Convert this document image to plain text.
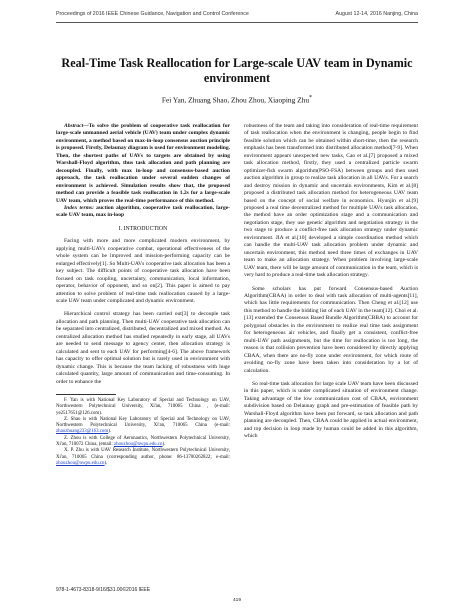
Proceedings of 2016 IEEE Chinese Guidance, Navigation and Control Conference	August 12-14, 2016 Nanjing, China
Real-Time Task Reallocation for Large-scale UAV team in Dynamic environment
Fei Yan, Zhuang Shao, Zhou Zhou, Xiaoping Zhu*

Abstract—To solve the problem of cooperative task reallocation for large-scale unmanned aerial vehicle (UAV) team under complex dynamic environment, a method based on max-in-loop consensus auction principle is proposed. Firstly, Delaunay diagram is used for environment modeling. Then, the shortest paths of UAVs to targets are obtained by using Warshall-Floyd algorithm, thus task allocation and path planning are decoupled. Finally, with max in-loop and consensus-based auction approach, the task reallocation under several sudden changes of environment is achieved. Simulation results show that, the proposed method can provide a feasible task reallocation in 1.2s for a large-scale UAV team, which proves the real-time performance of this method.

Index terms: auction algorithm, cooperative task reallocation, large-scale UAV team, max in-loop

I. INTRODUCTION

Facing with more and more complicated modern environment, by applying multi-UAVs cooperative combat, operational effectiveness of the whole system can be improved and mission-performing capacity can be enlarged effectively[1]. So Multi-UAVs cooperative task allocation has been a key subject. The difficult points of cooperative task allocation have been focused on task coupling, uncertainty, communication, local information, operator, behavior of opponent, and so on[2]. This paper is aimed to pay attention to solve problem of real-time task reallocation caused by a large-scale UAV team under complicated and dynamic environment.

Hierarchical control strategy has been carried out[3] to decouple task allocation and path planning. Then multi-UAV cooperative task allocation can be separated into centralized, distributed, decentralized and mixed method. As centralized allocation method has studied repeatedly in early stage, all UAVs are needed to send message to agency center, then allocation strategy is calculated and sent to each UAV for performing[4-6]. The above framework has capacity to offer optimal solution but is rarely used in environment with dynamic change. This is because the team lacking of robustness with huge calculated quantity, large amount of communication and time-consuming. In order to enhance the

F. Yan is with National Key Laboratory of Special and Technology on UAV, Northwestern Polytechnical University, Xi'an, 710065 China , (e-mail: ye2517651@126.com).

Z. Shao is with National Key Laboratory of Special and Technology on UAV, Northwestern Polytechnical University, Xi'an, 710065 China (e-mail: zhaozhuang233@163.com).

Z. Zhou is with College of Aeronautics, Northwestern Polytechnical University, Xi'an, 710072 China, (email: zhouzhou@nwpu.edu.cn).

X. P. Zhu is with UAV Research Institute, Northwestern Polytechnical University, Xi'an, 710065 China (corresponding author, phone: 86-13700262822; e-mail: zhouzhou@nwpu.edu.cn).

robustness of the team and taking into consideration of real-time requirement of task reallocation when the environment is changing, people begin to find feasible solution which can be obtained within short-time, then the research emphasis has been transformed into distributed allocation method[7-9]. When environment appears unexpected new tasks, Cao et al.[7] proposed a mixed task allocation method, firstly, they used a centralized particle swarm optimizer-fish swarm algorithm(PSO-FSA) between groups and then used auction algorithm in group to realize task allocation in all UAVs. For a search and destroy mission in dynamic and uncertain environments, Kim et al.[8] proposed a distributed task allocation method for heterogeneous UAV team based on the concept of social welfare in economics. Hyunjin et al.[9] proposed a real time decentralized method for multiple UAVs task allocation, the method have an order optimization stage and a communication and negotiation stage, they use genetic algorithm and negotiation strategy in the two stage to produce a conflict-free task allocation strategy under dynamic environment. JIA et al.[10] developed a simple coordination method which can handle the multi-UAV task allocation problem under dynamic and uncertain environment, this method need three times of exchanges in UAV team to make an allocation strategy. When problem involving large-scale UAV team, there will be large amount of communication in the team, which is very hard to produce a real-time task allocation strategy.

Some scholars has put forward Consensus-based Auction Algorithm(CBAA) in order to deal with task allocation of multi-agents[11], which has little requirements for communication. Then Cheng et al.[12] use this method to handle the bidding list of each UAV in the team[12]. Choi et al.[13] extended the Consensus Based Bundle Algorithm(CBBA) to account for polygonal obstacles in the environment to realize real time task assignment for heterogeneous air vehicles, and finally get a consistent, conflict-free multi-UAV path assignments, but the time for reallocation is too long, the reason is that collision prevention have been considered by directly applying CBAA, when there are no-fly zone under environment, for which route of avoiding no-fly zone have been taken into consideration by a lot of calculation.

So real-time task allocation for large scale UAV team have been discussed in this paper, which is under complicated situation of environment change. Taking advantage of the low communication cost of CBAA, environment subdivision based on Delaunay graph and pre-estimation of feasible path by Warshall-Floyd algorithm have been put forward, so task allocation and path planning are decoupled. Then, CBAA could be applied in actual environment, and top decision in loop made by human could be added in this algorithm, which

978-1-4673-8318-9/16/$31.00©2016 IEEE
419
